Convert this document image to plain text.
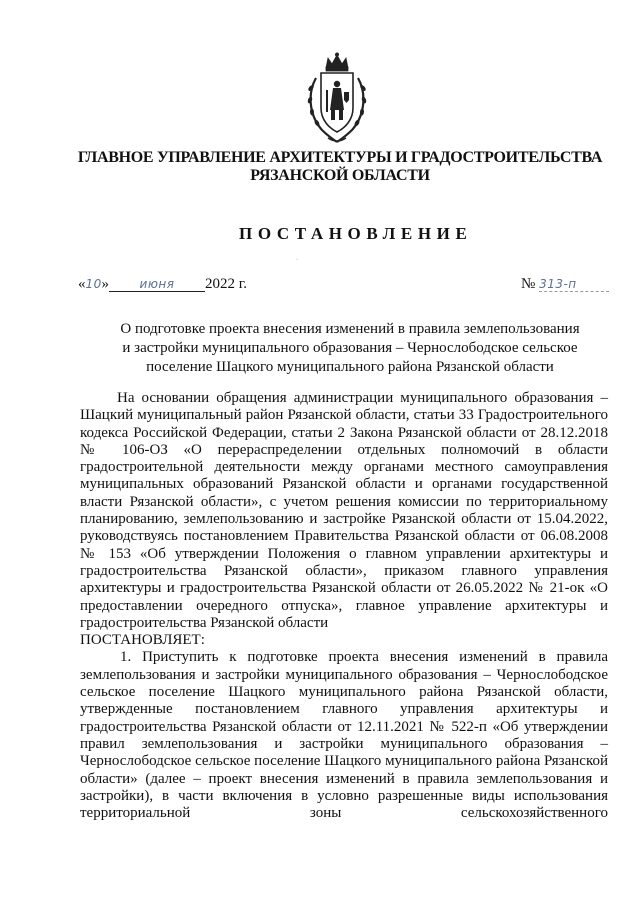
ГЛАВНОЕ УПРАВЛЕНИЕ АРХИТЕКТУРЫ И ГРАДОСТРОИТЕЛЬСТВА
РЯЗАНСКОЙ ОБЛАСТИ
ПОСТАНОВЛЕНИЕ
·
«10»	июня 2022 г.	№ 313-п
О подготовке проекта внесения изменений в правила землепользования
и застройки муниципального образования – Чернослободское сельское
поселение Шацкого муниципального района Рязанской области

На основании обращения администрации муниципального образования – Шацкий муниципальный район Рязанской области, статьи 33 Градостроительного кодекса Российской Федерации, статьи 2 Закона Рязанской области от 28.12.2018 № 106-ОЗ «О перераспределении отдельных полномочий в области градостроительной деятельности между органами местного самоуправления муниципальных образований Рязанской области и органами государственной власти Рязанской области», с учетом решения комиссии по территориальному планированию, землепользованию и застройке Рязанской области от 15.04.2022, руководствуясь постановлением Правительства Рязанской области от 06.08.2008 № 153 «Об утверждении Положения о главном управлении архитектуры и градостроительства Рязанской области», приказом главного управления архитектуры и градостроительства Рязанской области от 26.05.2022 № 21-ок «О предоставлении очередного отпуска», главное управление архитектуры и градостроительства Рязанской области

ПОСТАНОВЛЯЕТ:

1. Приступить к подготовке проекта внесения изменений в правила землепользования и застройки муниципального образования – Чернослободское сельское поселение Шацкого муниципального района Рязанской области, утвержденные постановлением главного управления архитектуры и градостроительства Рязанской области от 12.11.2021 № 522-п «Об утверждении правил землепользования и застройки муниципального образования – Чернослободское сельское поселение Шацкого муниципального района Рязанской области» (далее – проект внесения изменений в правила землепользования и застройки), в части включения в условно разрешенные виды использования территориальной зоны сельскохозяйственного
